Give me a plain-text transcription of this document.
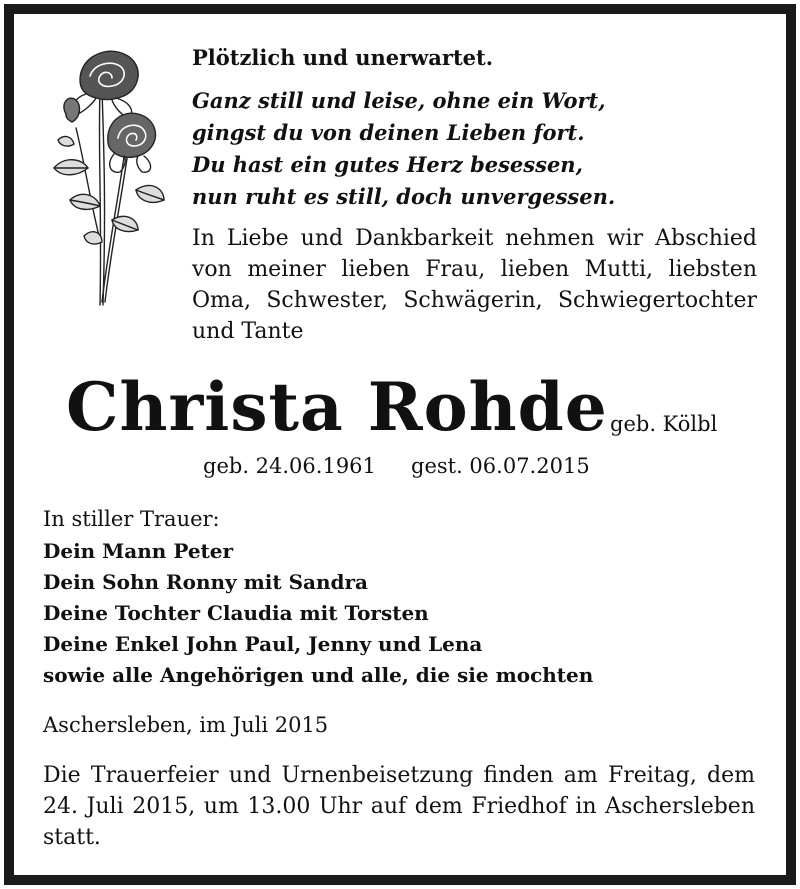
Plötzlich und unerwartet.
Ganz still und leise, ohne ein Wort,
gingst du von deinen Lieben fort.
Du hast ein gutes Herz besessen,
nun ruht es still, doch unvergessen.
In Liebe und Dankbarkeit nehmen wir Abschied von meiner lieben Frau, lieben Mutti, liebsten Oma, Schwester, Schwägerin, Schwiegertochter und Tante
Christa Rohde geb. Kölbl
geb. 24.06.1961 gest. 06.07.2015
In stiller Trauer:
Dein Mann Peter
Dein Sohn Ronny mit Sandra
Deine Tochter Claudia mit Torsten
Deine Enkel John Paul, Jenny und Lena
sowie alle Angehörigen und alle, die sie mochten
Aschersleben, im Juli 2015
Die Trauerfeier und Urnenbeisetzung finden am Freitag, dem 24. Juli 2015, um 13.00 Uhr auf dem Friedhof in Aschersleben statt.
